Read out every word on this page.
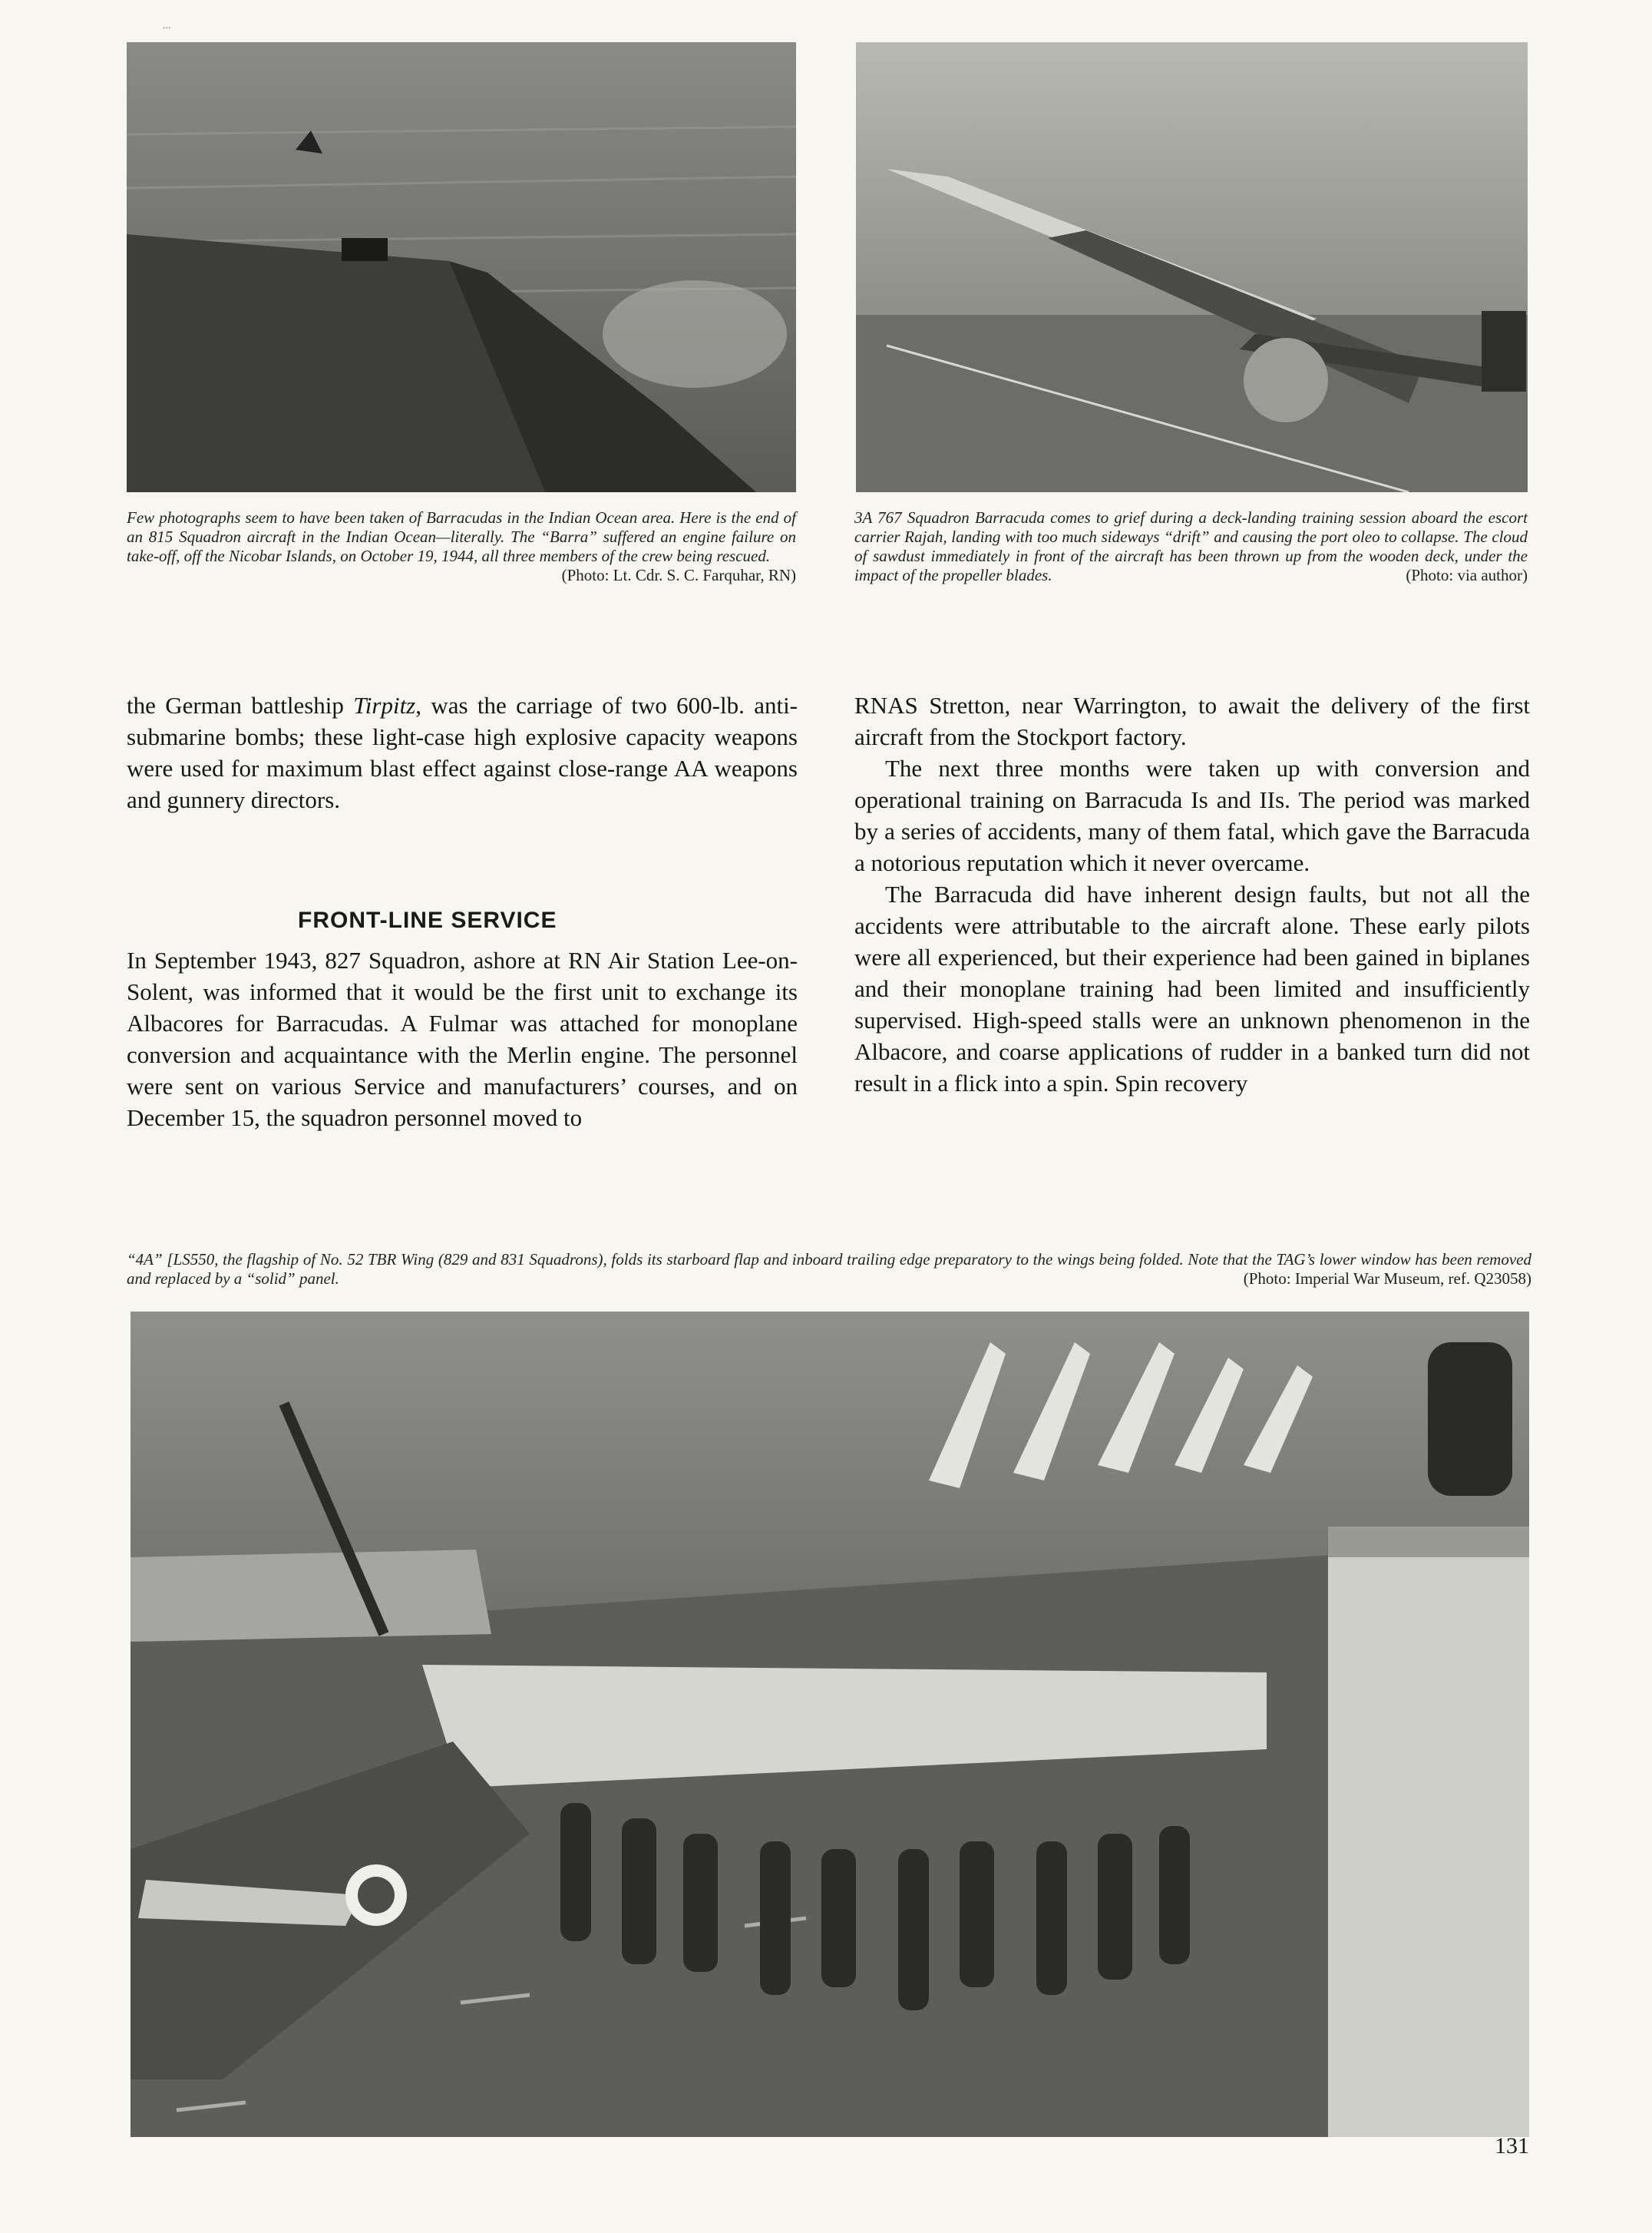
...
Few photographs seem to have been taken of Barracudas in the Indian Ocean area. Here is the end of an 815 Squadron aircraft in the Indian Ocean—literally. The “Barra” suffered an engine failure on take-off, off the Nicobar Islands, on October 19, 1944, all three members of the crew being rescued.
(Photo: Lt. Cdr. S. C. Farquhar, RN)
3A 767 Squadron Barracuda comes to grief during a deck-landing training session aboard the escort carrier Rajah, landing with too much sideways “drift” and causing the port oleo to collapse. The cloud of sawdust immediately in front of the aircraft has been thrown up from the wooden deck, under the impact of the propeller blades.	(Photo: via author)

the German battleship Tirpitz, was the carriage of two 600-lb. anti-submarine bombs; these light-case high explosive capacity weapons were used for maximum blast effect against close-range AA weapons and gunnery directors.

FRONT-LINE SERVICE

In September 1943, 827 Squadron, ashore at RN Air Station Lee-on-Solent, was informed that it would be the first unit to exchange its Albacores for Barracudas. A Fulmar was attached for monoplane conversion and acquaintance with the Merlin engine. The personnel were sent on various Service and manufacturers’ courses, and on December 15, the squadron personnel moved to

RNAS Stretton, near Warrington, to await the delivery of the first aircraft from the Stockport factory.

The next three months were taken up with conversion and operational training on Barracuda Is and IIs. The period was marked by a series of accidents, many of them fatal, which gave the Barracuda a notorious reputation which it never overcame.

The Barracuda did have inherent design faults, but not all the accidents were attributable to the aircraft alone. These early pilots were all experienced, but their experience had been gained in biplanes and their monoplane training had been limited and insufficiently supervised. High-speed stalls were an unknown phenomenon in the Albacore, and coarse applications of rudder in a banked turn did not result in a flick into a spin. Spin recovery

“4A” [LS550, the flagship of No. 52 TBR Wing (829 and 831 Squadrons), folds its starboard flap and inboard trailing edge preparatory to the wings being folded. Note that the TAG’s lower window has been removed and replaced by a “solid” panel.	(Photo: Imperial War Museum, ref. Q23058)
131
